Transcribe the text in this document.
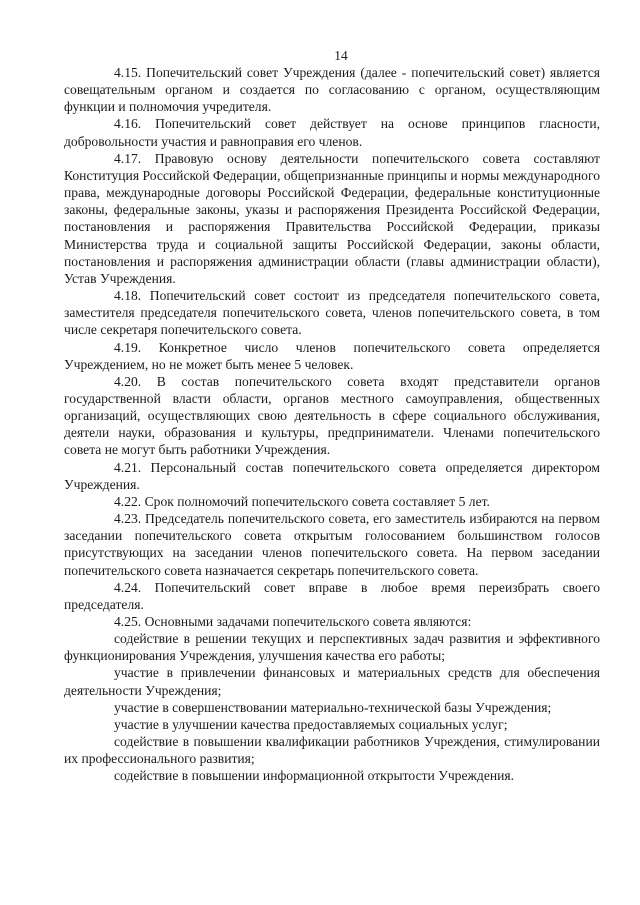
14

4.15. Попечительский совет Учреждения (далее - попечительский совет) является совещательным органом и создается по согласованию с органом, осуществляющим функции и полномочия учредителя.

4.16. Попечительский совет действует на основе принципов гласности, добровольности участия и равноправия его членов.

4.17. Правовую основу деятельности попечительского совета составляют Конституция Российской Федерации, общепризнанные принципы и нормы международного права, международные договоры Российской Федерации, федеральные конституционные законы, федеральные законы, указы и распоряжения Президента Российской Федерации, постановления и распоряжения Правительства Российской Федерации, приказы Министерства труда и социальной защиты Российской Федерации, законы области, постановления и распоряжения администрации области (главы администрации области), Устав Учреждения.

4.18. Попечительский совет состоит из председателя попечительского совета, заместителя председателя попечительского совета, членов попечительского совета, в том числе секретаря попечительского совета.

4.19. Конкретное число членов попечительского совета определяется Учреждением, но не может быть менее 5 человек.

4.20. В состав попечительского совета входят представители органов государственной власти области, органов местного самоуправления, общественных организаций, осуществляющих свою деятельность в сфере социального обслуживания, деятели науки, образования и культуры, предприниматели. Членами попечительского совета не могут быть работники Учреждения.

4.21. Персональный состав попечительского совета определяется директором Учреждения.

4.22. Срок полномочий попечительского совета составляет 5 лет.

4.23. Председатель попечительского совета, его заместитель избираются на первом заседании попечительского совета открытым голосованием большинством голосов присутствующих на заседании членов попечительского совета. На первом заседании попечительского совета назначается секретарь попечительского совета.

4.24. Попечительский совет вправе в любое время переизбрать своего председателя.

4.25. Основными задачами попечительского совета являются:

содействие в решении текущих и перспективных задач развития и эффективного функционирования Учреждения, улучшения качества его работы;

участие в привлечении финансовых и материальных средств для обеспечения деятельности Учреждения;

участие в совершенствовании материально-технической базы Учреждения;

участие в улучшении качества предоставляемых социальных услуг;

содействие в повышении квалификации работников Учреждения, стимулировании их профессионального развития;

содействие в повышении информационной открытости Учреждения.
